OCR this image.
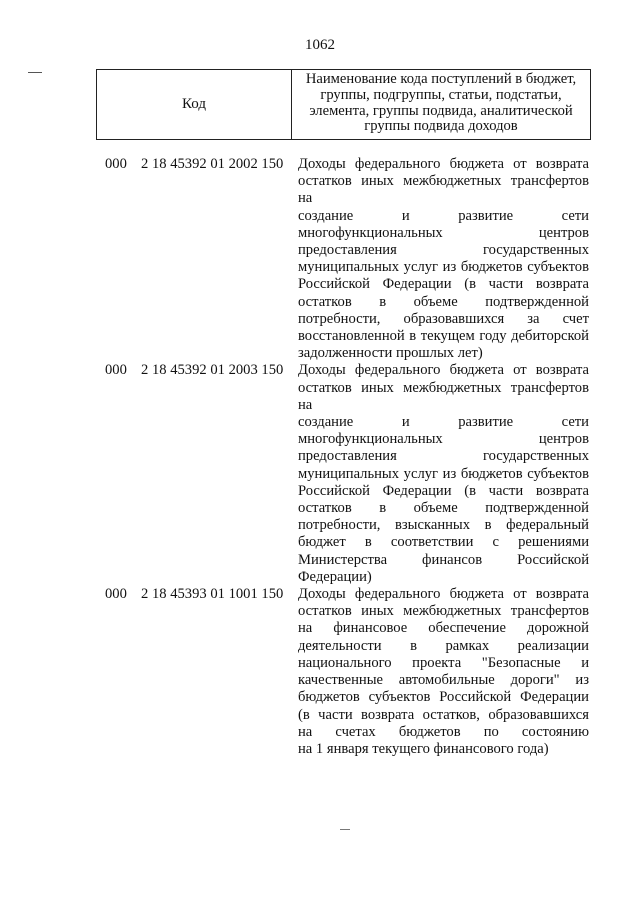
1062
Код
Наименование кода поступлений в бюджет,
группы, подгруппы, статьи, подстатьи,
элемента, группы подвида, аналитической
группы подвида доходов
000 2 18 45392 01 2002 150 Доходы федерального бюджета от возврата
остатков иных межбюджетных трансфертов на
создание и развитие сети
многофункциональных центров
предоставления государственных
муниципальных услуг из бюджетов субъектов
Российской Федерации (в части возврата
остатков в объеме подтвержденной
потребности, образовавшихся за счет
восстановленной в текущем году дебиторской
задолженности прошлых лет)
000 2 18 45392 01 2003 150 Доходы федерального бюджета от возврата
остатков иных межбюджетных трансфертов на
создание и развитие сети
многофункциональных центров
предоставления государственных
муниципальных услуг из бюджетов субъектов
Российской Федерации (в части возврата
остатков в объеме подтвержденной
потребности, взысканных в федеральный
бюджет в соответствии с решениями
Министерства финансов Российской
Федерации)
000 2 18 45393 01 1001 150 Доходы федерального бюджета от возврата
остатков иных межбюджетных трансфертов
на финансовое обеспечение дорожной
деятельности в рамках реализации
национального проекта "Безопасные и
качественные автомобильные дороги" из
бюджетов субъектов Российской Федерации
(в части возврата остатков, образовавшихся
на счетах бюджетов по состоянию
на 1 января текущего финансового года)
